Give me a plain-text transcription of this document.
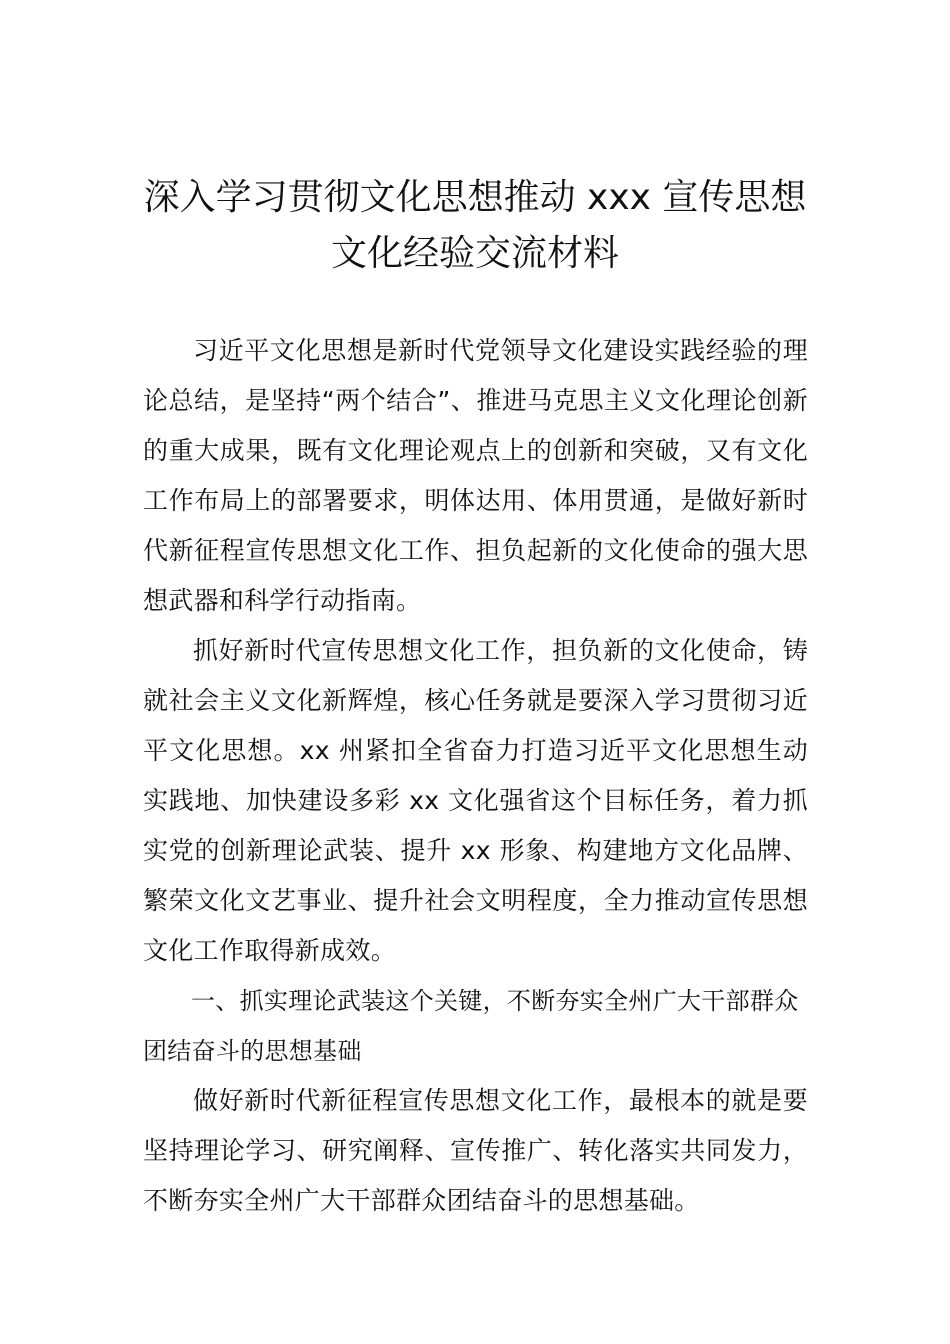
深入学习贯彻文化思想推动 xxx 宣传思想
文化经验交流材料

习近平文化思想是新时代党领导文化建设实践经验的理论总结，是坚持“两个结合”、推进马克思主义文化理论创新的重大成果，既有文化理论观点上的创新和突破，又有文化工作布局上的部署要求，明体达用、体用贯通，是做好新时代新征程宣传思想文化工作、担负起新的文化使命的强大思想武器和科学行动指南。

抓好新时代宣传思想文化工作，担负新的文化使命，铸就社会主义文化新辉煌，核心任务就是要深入学习贯彻习近平文化思想。xx 州紧扣全省奋力打造习近平文化思想生动实践地、加快建设多彩 xx 文化强省这个目标任务，着力抓实党的创新理论武装、提升 xx 形象、构建地方文化品牌、繁荣文化文艺事业、提升社会文明程度，全力推动宣传思想文化工作取得新成效。

一、抓实理论武装这个关键，不断夯实全州广大干部群众团结奋斗的思想基础

做好新时代新征程宣传思想文化工作，最根本的就是要坚持理论学习、研究阐释、宣传推广、转化落实共同发力，不断夯实全州广大干部群众团结奋斗的思想基础。
